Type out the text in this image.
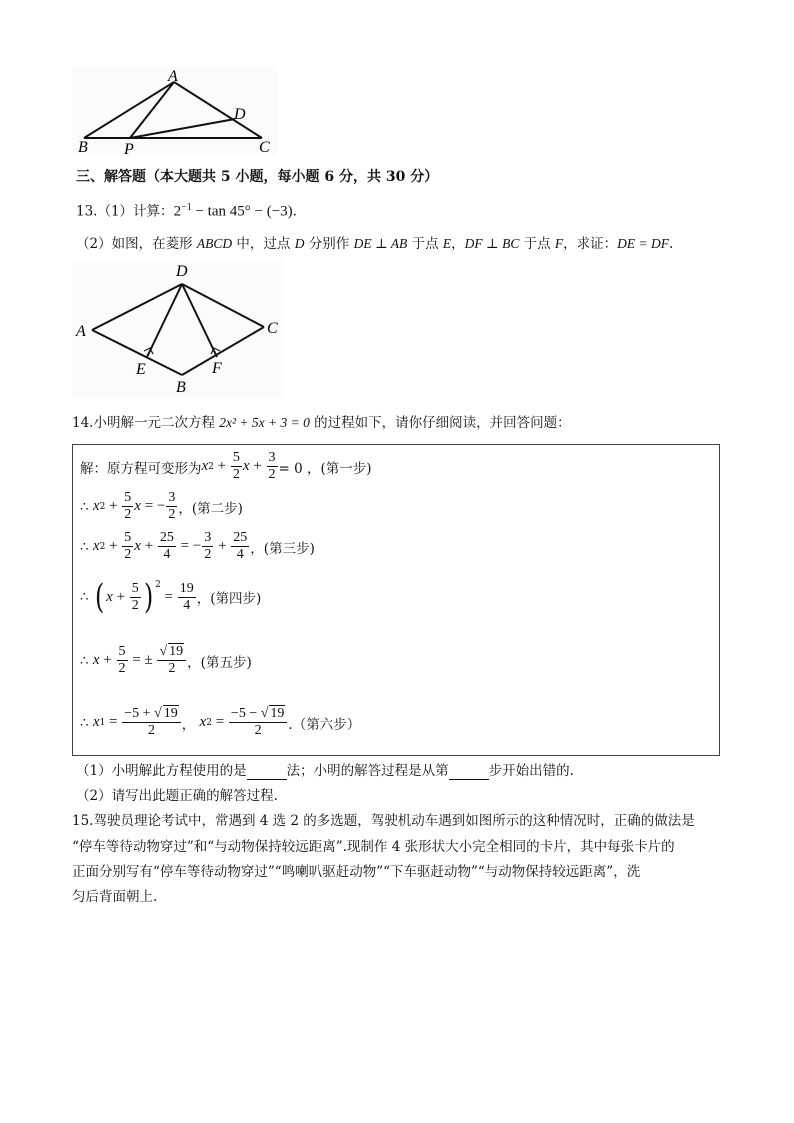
A
B	C
D
P
三、解答题（本大题共 5 小题，每小题 6 分，共 30 分）
13.（1）计算：$2^{-1} - \tan 45^\circ - (-3)$.
（2）如图，在菱形 ABCD 中，过点 D 分别作 DE ⊥ AB 于点 E，DF ⊥ BC 于点 F，求证：DE = DF.
D
A	C
E
B
F
14.小明解一元二次方程 2x² + 5x + 3 = 0 的过程如下，请你仔细阅读，并回答问题：
解：原方程可变形为 x $2 + \frac{5}{2}$ $x + \frac{3}{2} = 0$ ，(第一步)
∴
x $2 + \frac{5}{2}$ x = − $\frac{3}{2}$ ，(第二步)
∴
x $2 + \frac{5}{2}$ $x + \frac{25}{4}$ = − $\frac{3}{2} + \frac{25}{4}$ ，(第三步)
∴
( $x + \frac{5}{2} )^2$
= $\frac{19}{4}$ ，(第四步)
∴
$x + \frac{5}{2}$ = ± $\frac{√ 19}{2}$ ，(第五步)
∴
x $1 = \frac{-5 + √ 19}{2}$ ， x $2 = \frac{-5 - √ 19}{2}$ .（第六步）
（1）小明解此方程使用的是	法；小明的解答过程是从第	步开始出错的.
（2）请写出此题正确的解答过程.
15.驾驶员理论考试中，常遇到 4 选 2 的多选题，驾驶机动车遇到如图所示的这种情况时，正确的做法是
“停车等待动物穿过”和“与动物保持较远距离”.现制作 4 张形状大小完全相同的卡片，其中每张卡片的
正面分别写有“停车等待动物穿过”“鸣喇叭驱赶动物”“下车驱赶动物”“与动物保持较远距离”，洗
匀后背面朝上.
